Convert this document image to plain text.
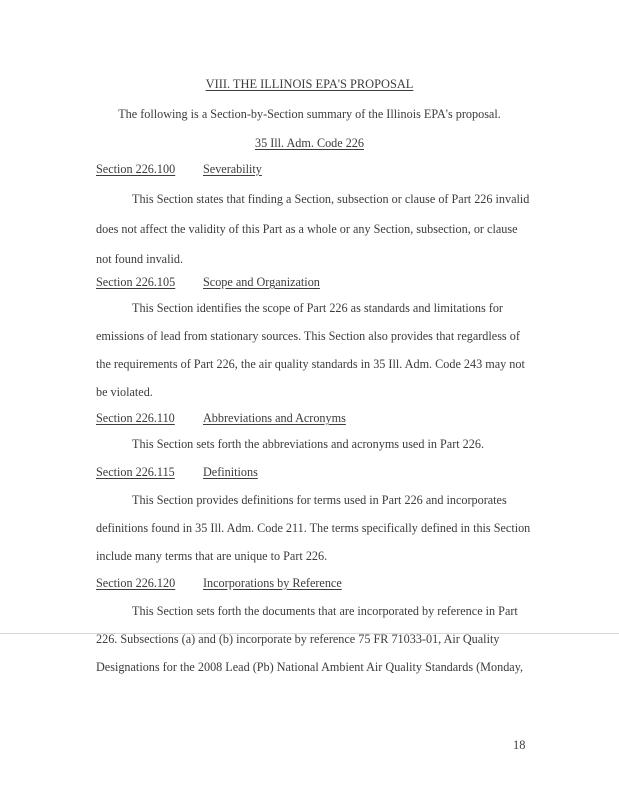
VIII. THE ILLINOIS EPA'S PROPOSAL
The following is a Section-by-Section summary of the Illinois EPA's proposal.
35 Ill. Adm. Code 226
Section 226.100 Severability
This Section states that finding a Section, subsection or clause of Part 226 invalid
does not affect the validity of this Part as a whole or any Section, subsection, or clause
not found invalid.
Section 226.105 Scope and Organization
This Section identifies the scope of Part 226 as standards and limitations for
emissions of lead from stationary sources. This Section also provides that regardless of
the requirements of Part 226, the air quality standards in 35 Ill. Adm. Code 243 may not
be violated.
Section 226.110 Abbreviations and Acronyms
This Section sets forth the abbreviations and acronyms used in Part 226.
Section 226.115 Definitions
This Section provides definitions for terms used in Part 226 and incorporates
definitions found in 35 Ill. Adm. Code 211. The terms specifically defined in this Section
include many terms that are unique to Part 226.
Section 226.120 Incorporations by Reference
This Section sets forth the documents that are incorporated by reference in Part
226. Subsections (a) and (b) incorporate by reference 75 FR 71033-01, Air Quality
Designations for the 2008 Lead (Pb) National Ambient Air Quality Standards (Monday,
18
